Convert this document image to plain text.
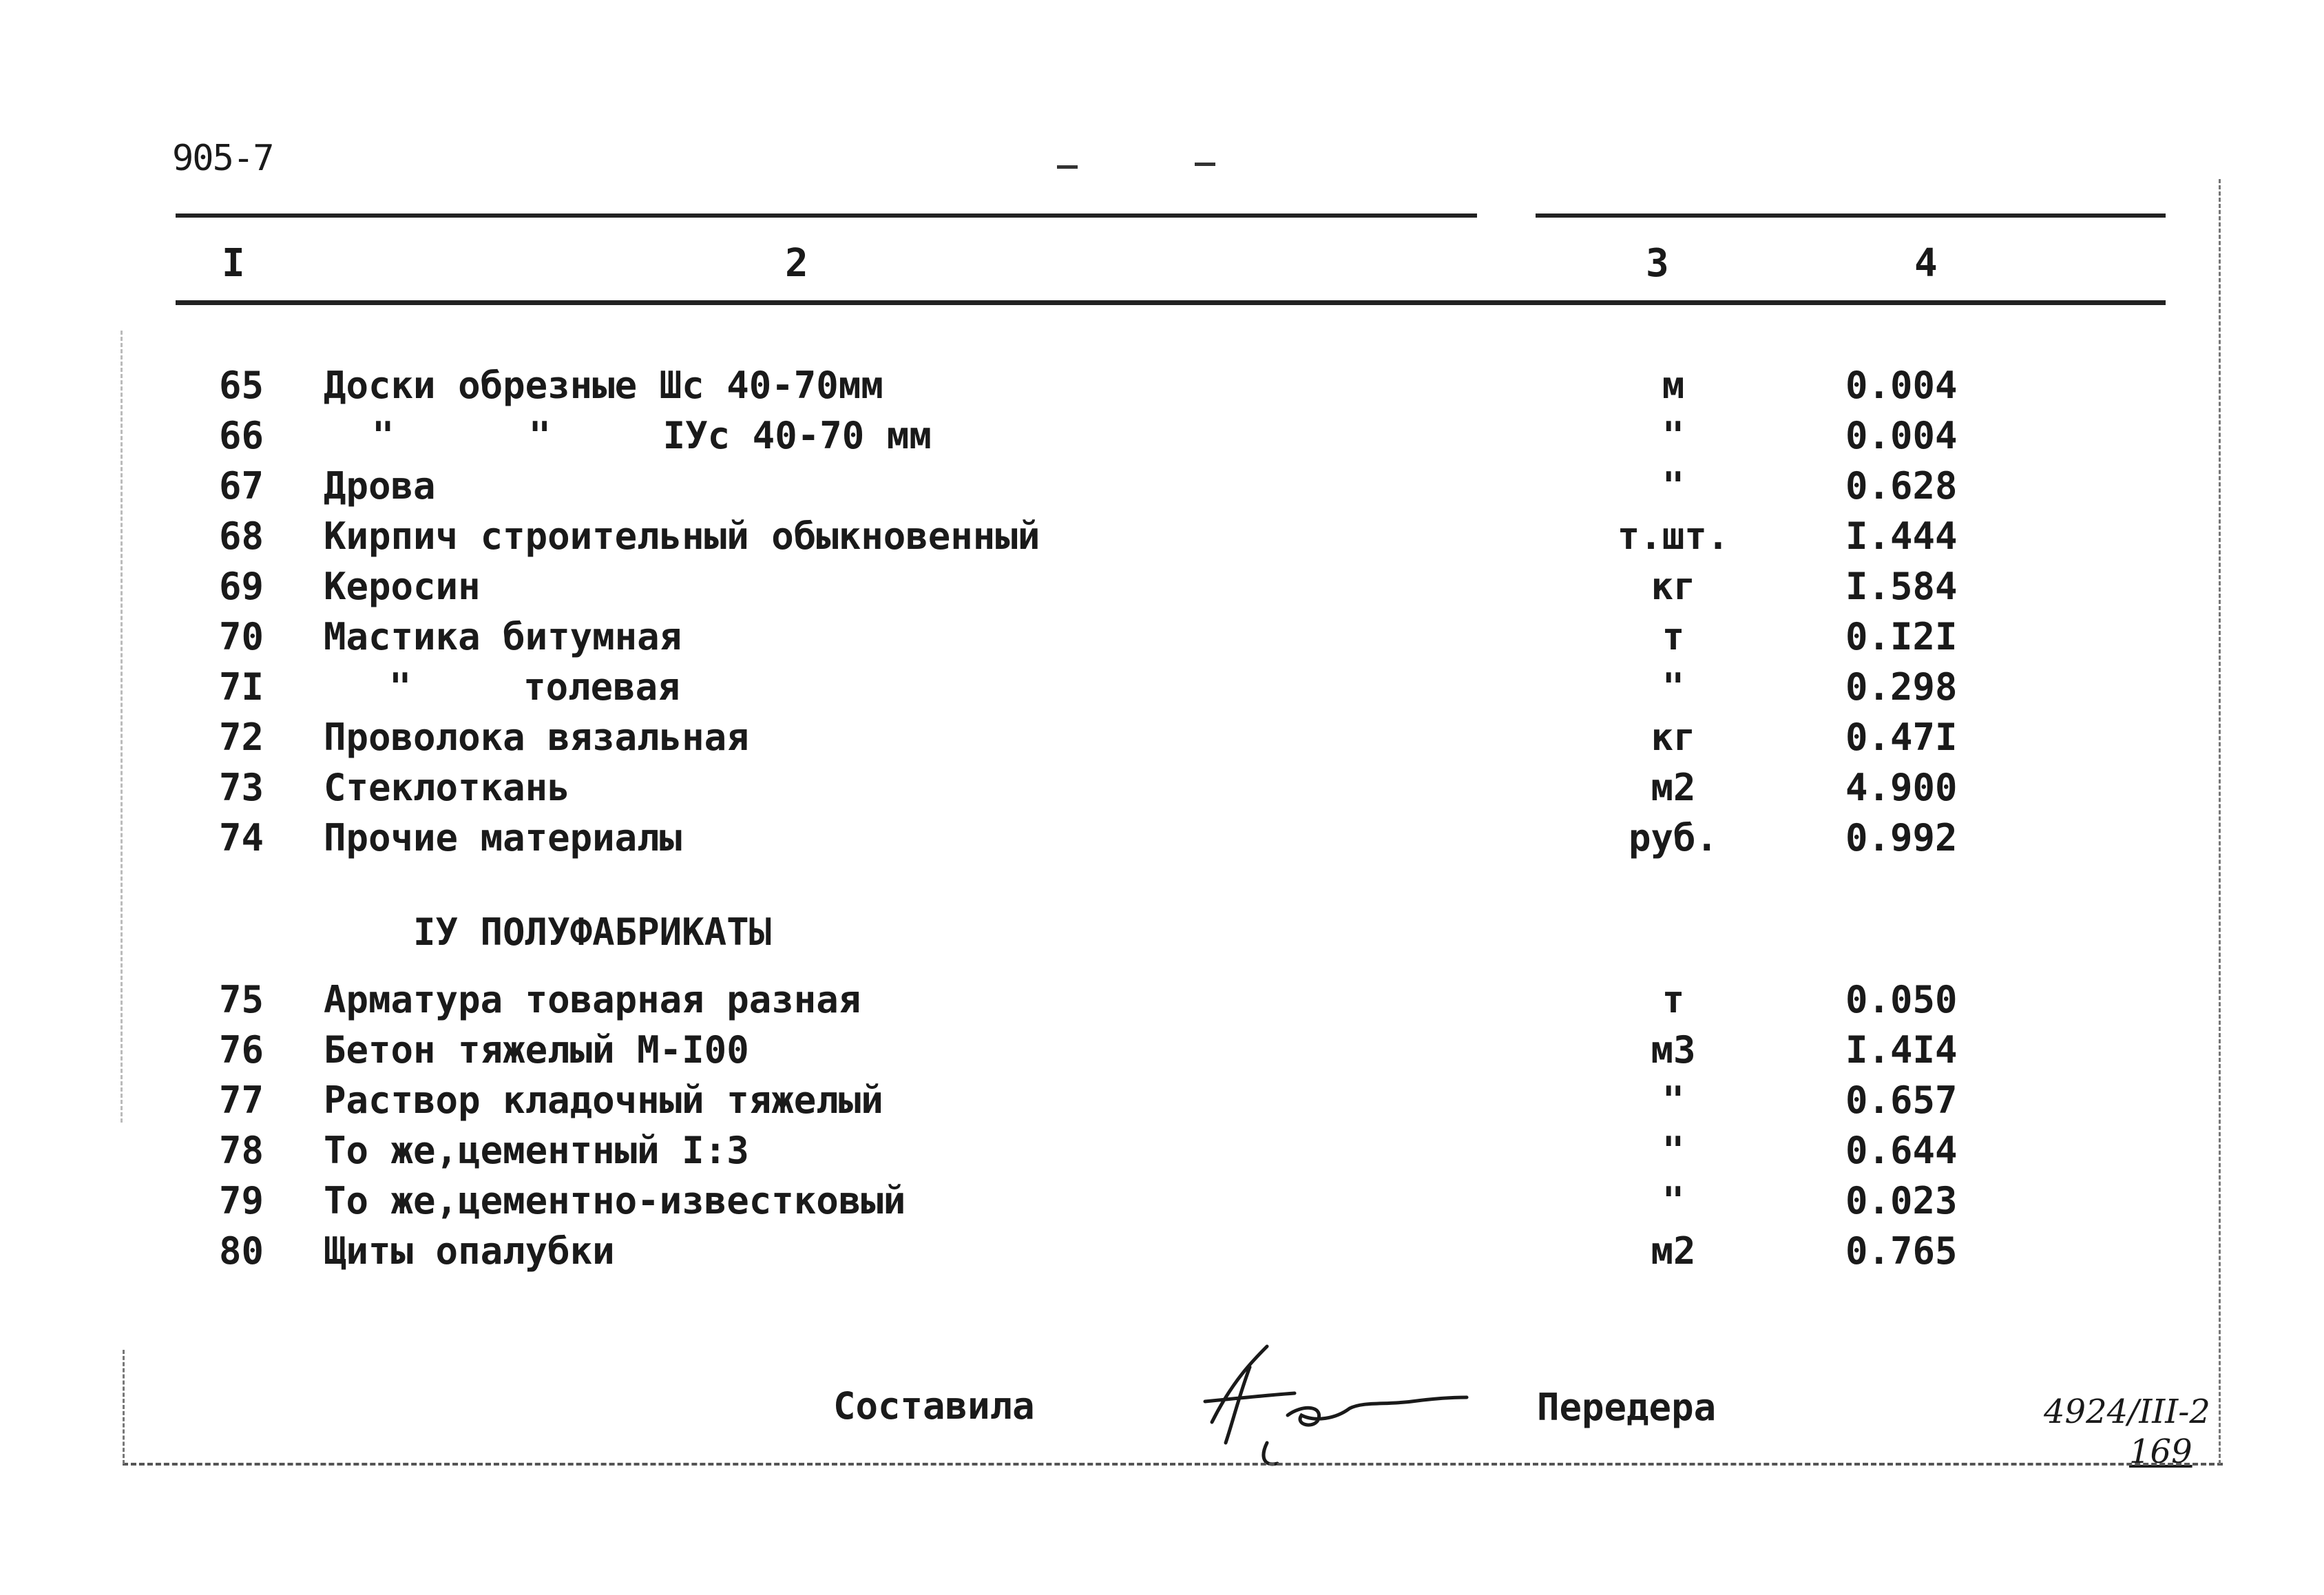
905-7
I	2	3	4
65 Доски обрезные Шс 40-70мм	м	0.004
66	"      "     IУс 40-70 мм	"	0.004
67 Дрова	"	0.628
68 Кирпич строительный обыкновенный	т.шт.	I.444
69 Керосин	кг	I.584
70 Мастика битумная	т	0.I2I
7I "     толевая	"	0.298
72 Проволока вязальная	кг	0.47I
73 Стеклоткань	м2	4.900
74 Прочие материалы	руб.	0.992
IУ ПОЛУФАБРИКАТЫ
75 Арматура товарная разная	т	0.050
76 Бетон тяжелый М-I00	м3	I.4I4
77 Раствор кладочный тяжелый	"	0.657
78 То же,цементный I:3	"	0.644
79 То же,цементно-известковый	"	0.023
80 Щиты опалубки	м2	0.765
Составила	Передера	4924/III-2
169
